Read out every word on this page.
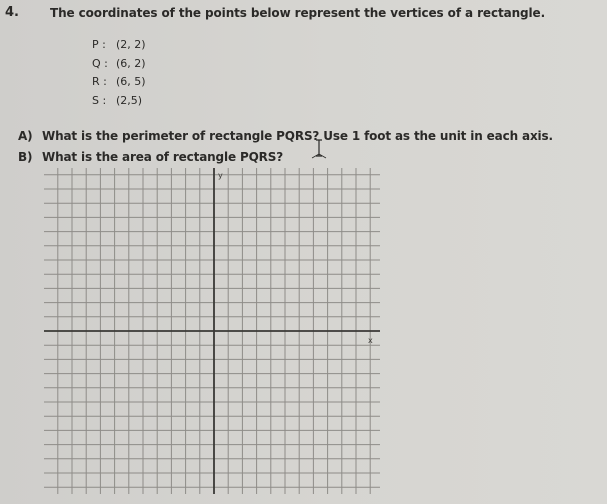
4.	The coordinates of the points below represent the vertices of a rectangle.
P : (2, 2)
Q : (6, 2)
R : (6, 5)
S : (2,5)
A) What is the perimeter of rectangle PQRS? Use 1 foot as the unit in each axis.
B) What is the area of rectangle PQRS?
y
x
